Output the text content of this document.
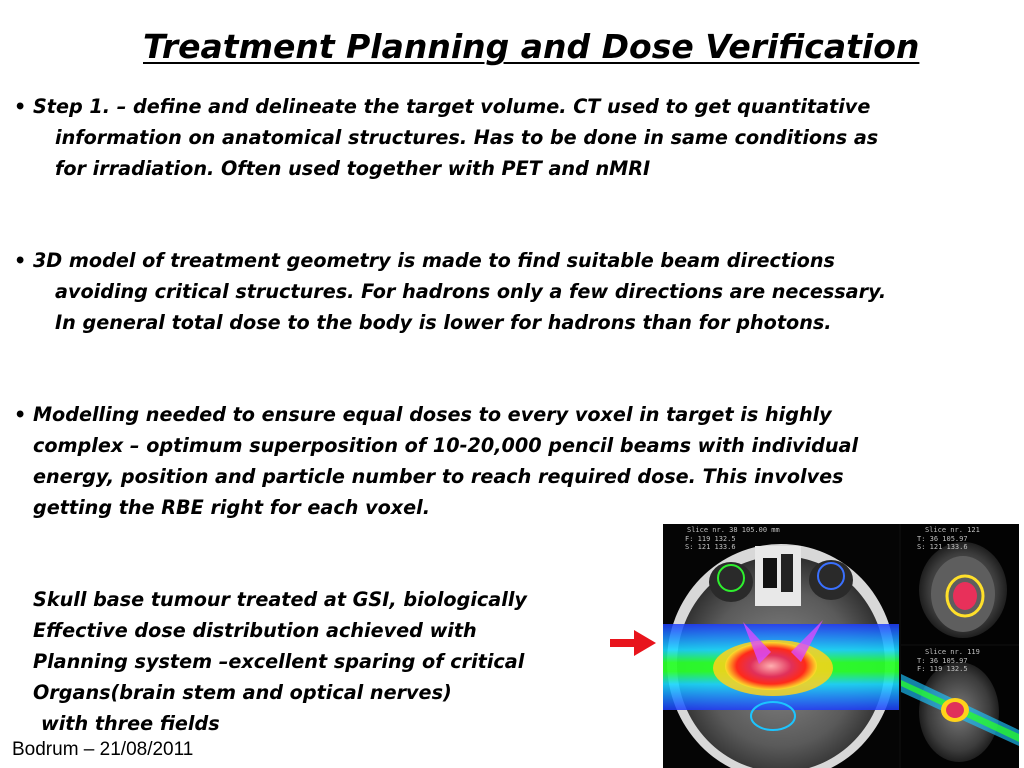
Treatment Planning and Dose Verification
• Step 1. – define and delineate the target volume. CT used to get quantitative
information on anatomical structures. Has to be done in same conditions as
for irradiation. Often used together with PET and nMRI
• 3D model of treatment geometry is made to find suitable beam directions
avoiding critical structures. For hadrons only a few directions are necessary.
In general total dose to the body is lower for hadrons than for photons.
• Modelling needed to ensure equal doses to every voxel in target is highly
complex – optimum superposition of 10-20,000 pencil beams with individual
energy, position and particle number to reach required dose. This involves
getting the RBE right for each voxel.
Skull base tumour treated at GSI, biologically
Effective dose distribution achieved with
Planning system –excellent sparing of critical
Organs(brain stem and optical nerves)
with three fields
Slice nr. 38 105.00 mm
F: 119 132.5
S: 121 133.6
Slice nr. 121
T: 36 105.97
S: 121 133.6
Slice nr. 119
T: 36 105.97
F: 119 132.5
Bodrum – 21/08/2011
